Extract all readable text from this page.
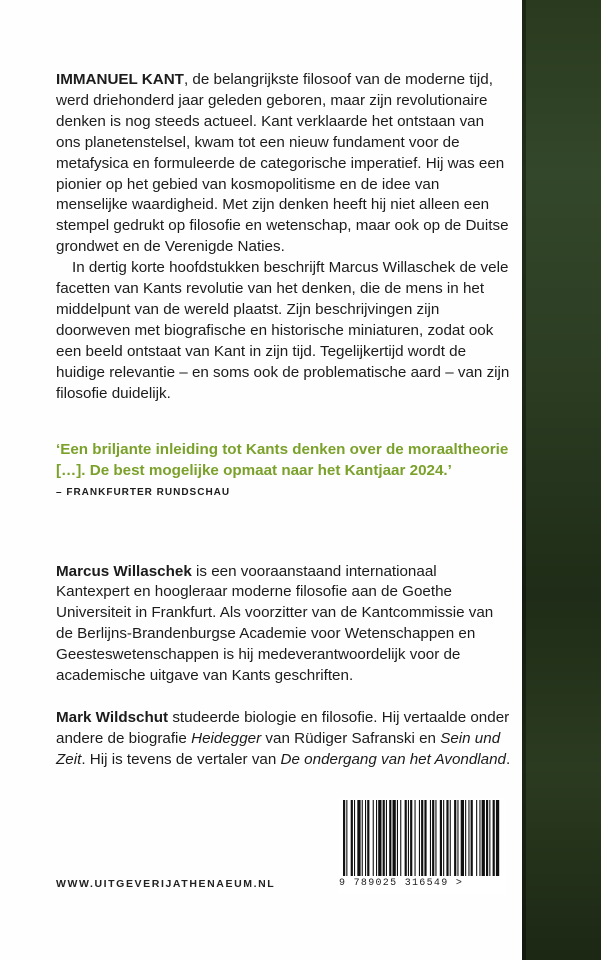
IMMANUEL KANT, de belangrijkste filosoof van de moderne tijd, werd driehonderd jaar geleden geboren, maar zijn revolutionaire denken is nog steeds actueel. Kant verklaarde het ontstaan van ons planetenstelsel, kwam tot een nieuw fundament voor de metafysica en formuleerde de categorische imperatief. Hij was een pionier op het gebied van kosmopolitisme en de idee van menselijke waardigheid. Met zijn denken heeft hij niet alleen een stempel gedrukt op filosofie en wetenschap, maar ook op de Duitse grondwet en de Verenigde Naties.

In dertig korte hoofdstukken beschrijft Marcus Willaschek de vele facetten van Kants revolutie van het denken, die de mens in het middelpunt van de wereld plaatst. Zijn beschrijvingen zijn doorweven met biografische en historische miniaturen, zodat ook een beeld ontstaat van Kant in zijn tijd. Tegelijkertijd wordt de huidige relevantie – en soms ook de problematische aard – van zijn filosofie duidelijk.

‘Een briljante inleiding tot Kants denken over de moraaltheorie […]. De best mogelijke opmaat naar het Kantjaar 2024.’

– FRANKFURTER RUNDSCHAU

Marcus Willaschek is een vooraanstaand internationaal Kantexpert en hoogleraar moderne filosofie aan de Goethe Universiteit in Frankfurt. Als voorzitter van de Kantcommissie van de Berlijns-Brandenburgse Academie voor Wetenschappen en Geesteswetenschappen is hij medeverantwoordelijk voor de academische uitgave van Kants geschriften.

Mark Wildschut studeerde biologie en filosofie. Hij vertaalde onder andere de biografie Heidegger van Rüdiger Safranski en Sein und Zeit. Hij is tevens de vertaler van De ondergang van het Avondland.

9 789025 316549 >
WWW.UITGEVERIJATHENAEUM.NL
